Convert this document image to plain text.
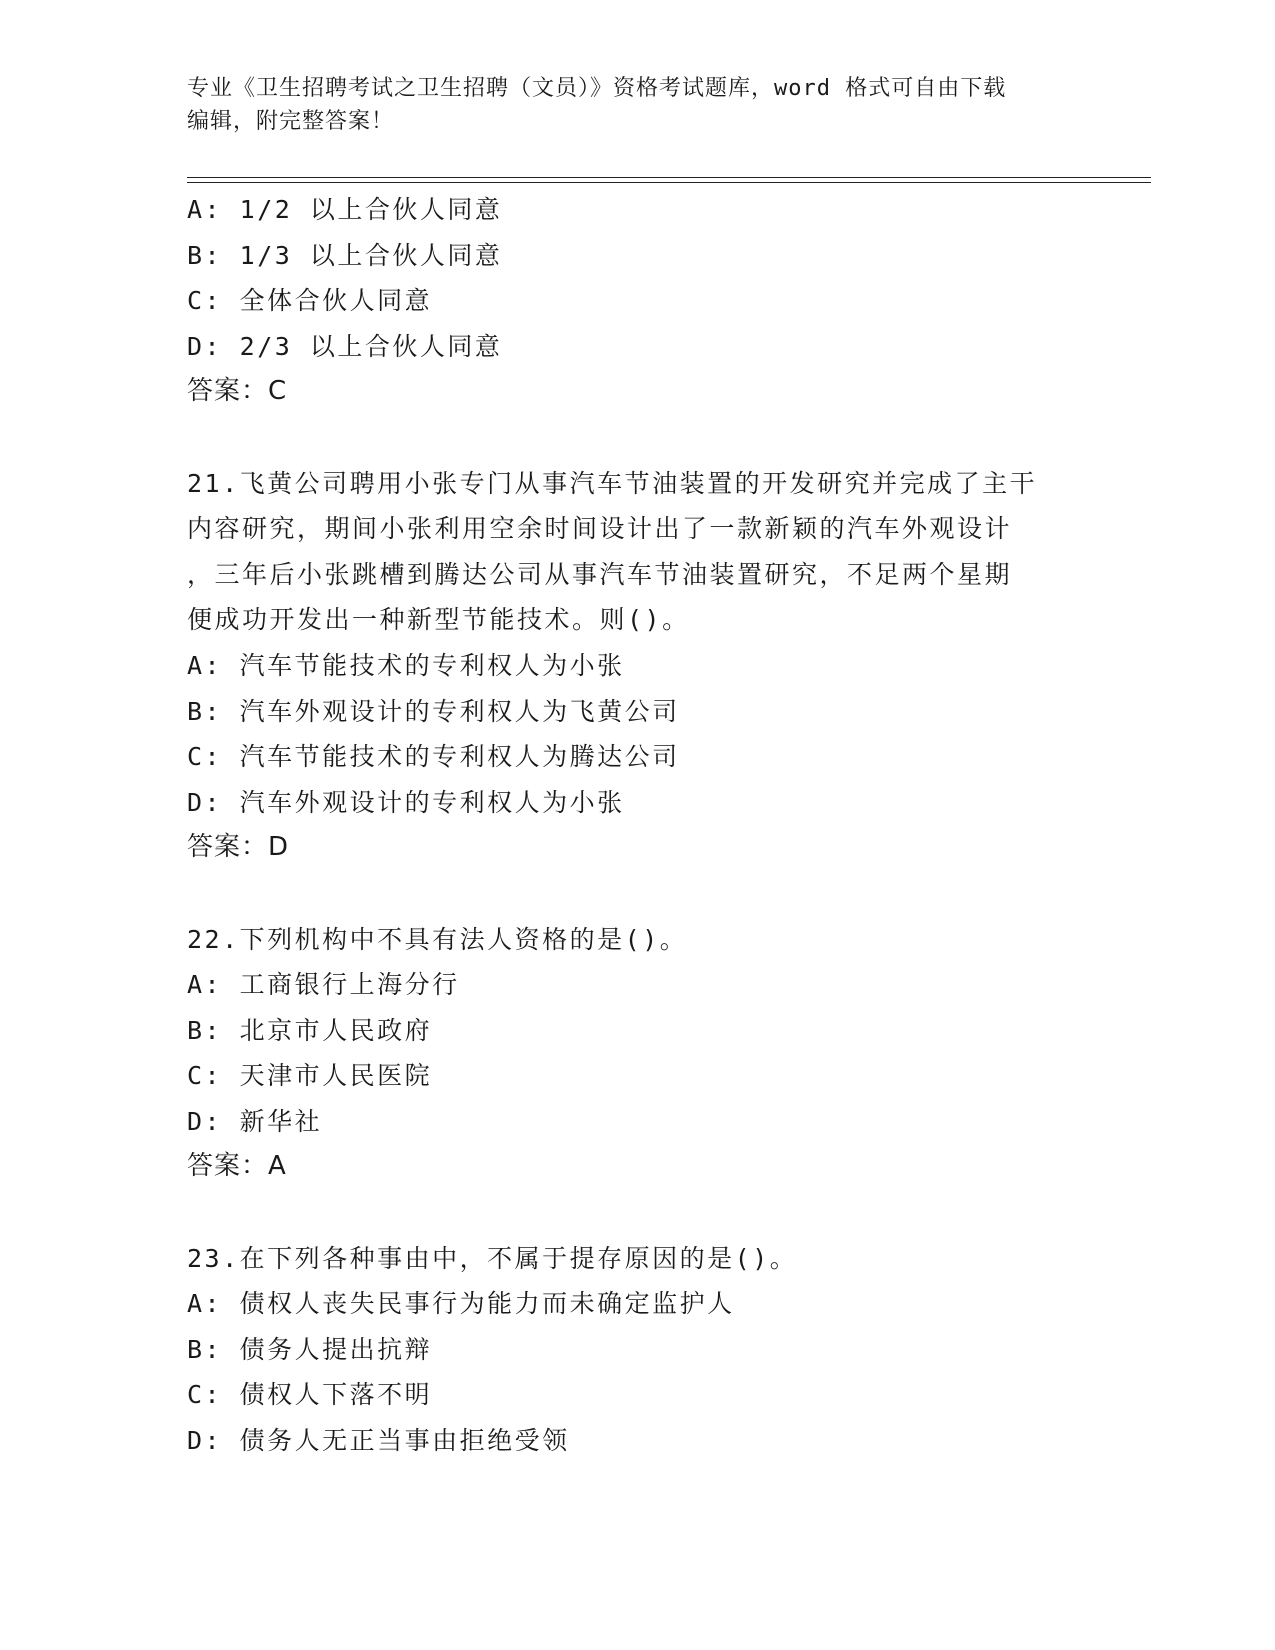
专业《卫生招聘考试之卫生招聘（文员）》资格考试题库，word 格式可自由下载
编辑，附完整答案！
A: 1/2 以上合伙人同意
B: 1/3 以上合伙人同意
C: 全体合伙人同意
D: 2/3 以上合伙人同意
答案：C
21.飞黄公司聘用小张专门从事汽车节油装置的开发研究并完成了主干
内容研究，期间小张利用空余时间设计出了一款新颖的汽车外观设计
，三年后小张跳槽到腾达公司从事汽车节油装置研究，不足两个星期
便成功开发出一种新型节能技术。则()。
A: 汽车节能技术的专利权人为小张
B: 汽车外观设计的专利权人为飞黄公司
C: 汽车节能技术的专利权人为腾达公司
D: 汽车外观设计的专利权人为小张
答案：D
22.下列机构中不具有法人资格的是()。
A: 工商银行上海分行
B: 北京市人民政府
C: 天津市人民医院
D: 新华社
答案：A
23.在下列各种事由中，不属于提存原因的是()。
A: 债权人丧失民事行为能力而未确定监护人
B: 债务人提出抗辩
C: 债权人下落不明
D: 债务人无正当事由拒绝受领
